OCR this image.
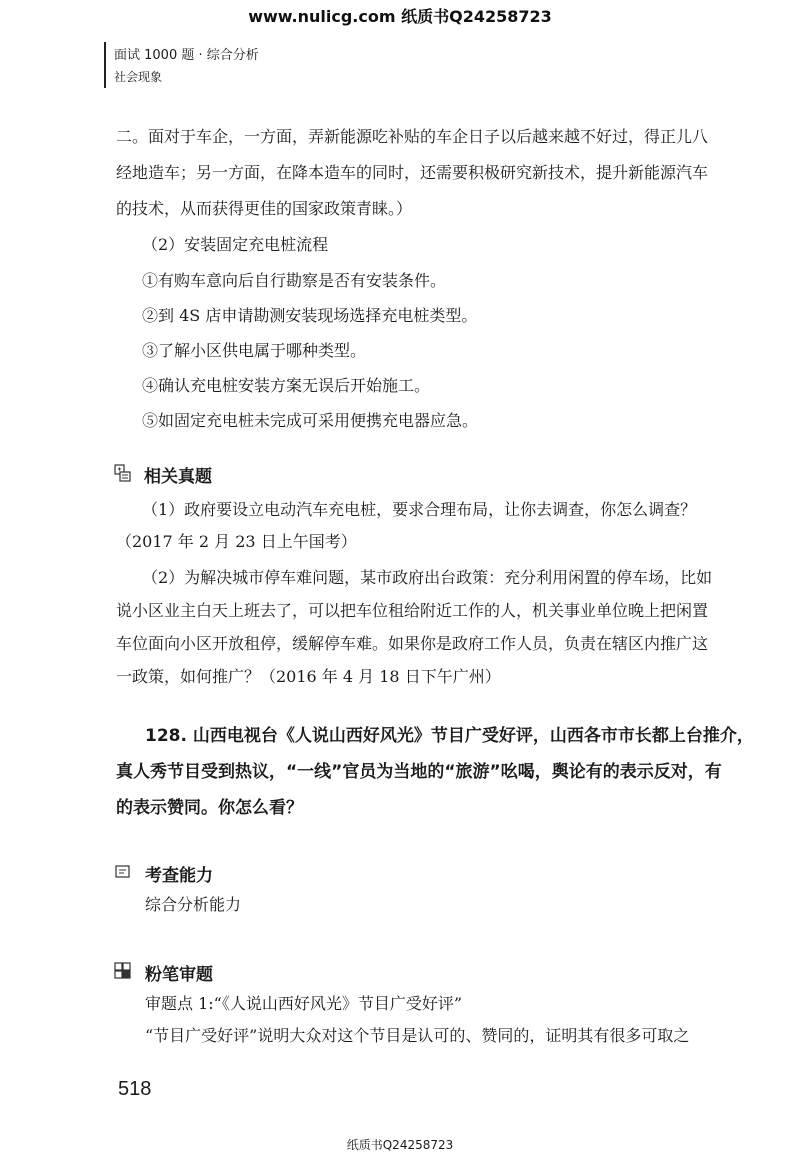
www.nulicg.com 纸质书Q24258723
面试 1000 题 · 综合分析
社会现象
二。面对于车企，一方面，弄新能源吃补贴的车企日子以后越来越不好过，得正儿八
经地造车；另一方面，在降本造车的同时，还需要积极研究新技术，提升新能源汽车
的技术，从而获得更佳的国家政策青睐。）
（2）安装固定充电桩流程
①有购车意向后自行勘察是否有安装条件。
②到 4S 店申请勘测安装现场选择充电桩类型。
③了解小区供电属于哪种类型。
④确认充电桩安装方案无误后开始施工。
⑤如固定充电桩未完成可采用便携充电器应急。
相关真题
（1）政府要设立电动汽车充电桩，要求合理布局，让你去调查，你怎么调查？
（2017 年 2 月 23 日上午国考）
（2）为解决城市停车难问题，某市政府出台政策：充分利用闲置的停车场，比如
说小区业主白天上班去了，可以把车位租给附近工作的人，机关事业单位晚上把闲置
车位面向小区开放租停，缓解停车难。如果你是政府工作人员，负责在辖区内推广这
一政策，如何推广？（2016 年 4 月 18 日下午广州）
128. 山西电视台《人说山西好风光》节目广受好评，山西各市市长都上台推介，
真人秀节目受到热议，“一线”官员为当地的“旅游”吆喝，舆论有的表示反对，有
的表示赞同。你怎么看？
考查能力
综合分析能力
粉笔审题
审题点 1:“《人说山西好风光》节目广受好评”
“节目广受好评”说明大众对这个节目是认可的、赞同的，证明其有很多可取之
518
纸质书Q24258723
